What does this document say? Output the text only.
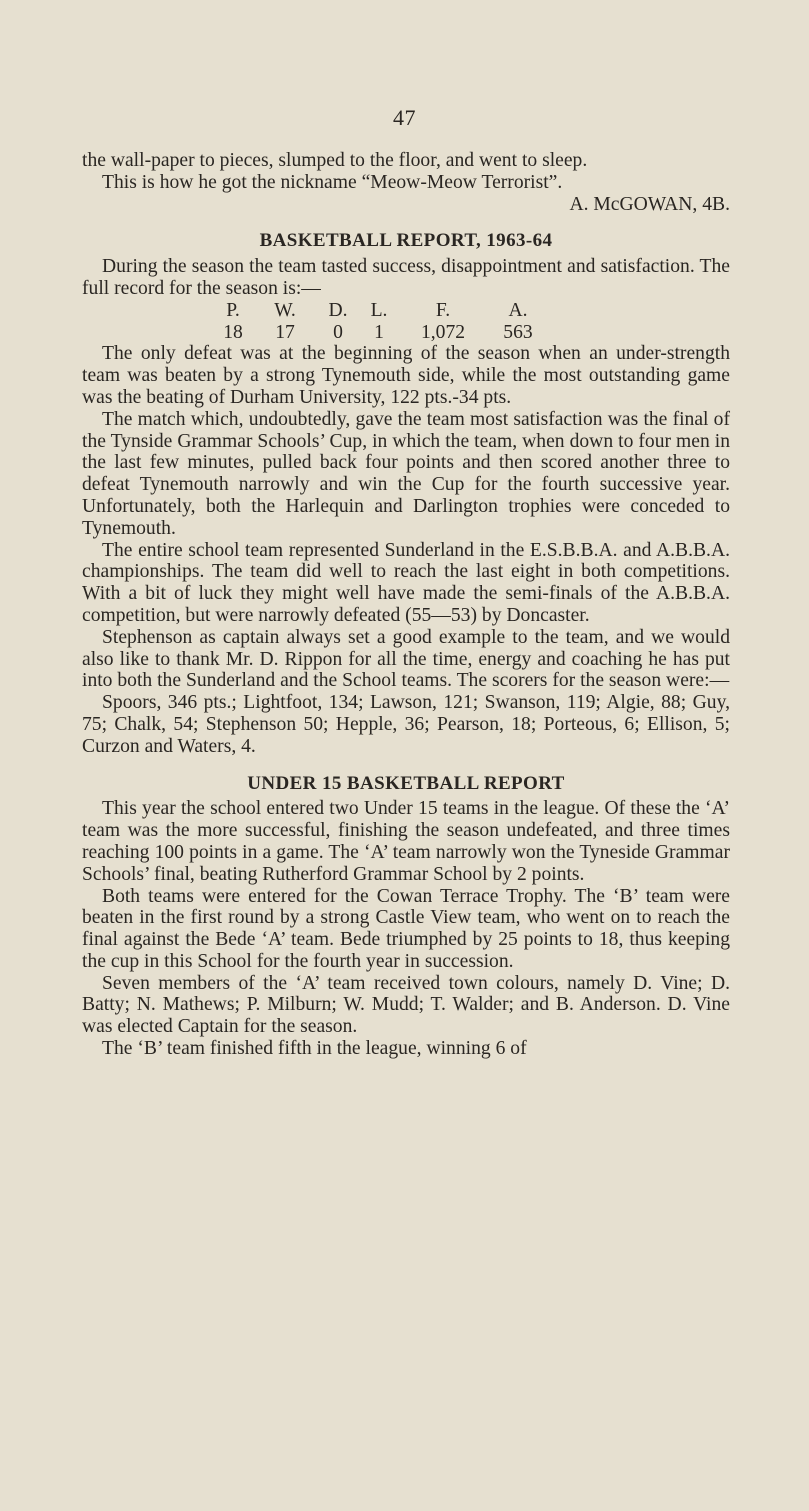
47

the wall-paper to pieces, slumped to the floor, and went to sleep.

This is how he got the nickname “Meow-Meow Terrorist”.

A. McGOWAN, 4B.

BASKETBALL REPORT, 1963-64

During the season the team tasted success, disappointment and satisfaction. The full record for the season is:—

P.	W.	D.	L.	F.	A.
18	17	0	1	1,072	563

The only defeat was at the beginning of the season when an under-strength team was beaten by a strong Tynemouth side, while the most outstanding game was the beating of Durham University, 122 pts.-34 pts.

The match which, undoubtedly, gave the team most satisfaction was the final of the Tynside Grammar Schools’ Cup, in which the team, when down to four men in the last few minutes, pulled back four points and then scored another three to defeat Tynemouth narrowly and win the Cup for the fourth successive year. Unfortunately, both the Harlequin and Darlington trophies were conceded to Tynemouth.

The entire school team represented Sunderland in the E.S.B.B.A. and A.B.B.A. championships. The team did well to reach the last eight in both competitions. With a bit of luck they might well have made the semi-finals of the A.B.B.A. competition, but were narrowly defeated (55—53) by Doncaster.

Stephenson as captain always set a good example to the team, and we would also like to thank Mr. D. Rippon for all the time, energy and coaching he has put into both the Sunderland and the School teams. The scorers for the season were:—

Spoors, 346 pts.; Lightfoot, 134; Lawson, 121; Swanson, 119; Algie, 88; Guy, 75; Chalk, 54; Stephenson 50; Hepple, 36; Pearson, 18; Porteous, 6; Ellison, 5; Curzon and Waters, 4.

UNDER 15 BASKETBALL REPORT

This year the school entered two Under 15 teams in the league. Of these the ‘A’ team was the more successful, finishing the season undefeated, and three times reaching 100 points in a game. The ‘A’ team narrowly won the Tyneside Grammar Schools’ final, beating Rutherford Grammar School by 2 points.

Both teams were entered for the Cowan Terrace Trophy. The ‘B’ team were beaten in the first round by a strong Castle View team, who went on to reach the final against the Bede ‘A’ team. Bede triumphed by 25 points to 18, thus keeping the cup in this School for the fourth year in succession.

Seven members of the ‘A’ team received town colours, namely D. Vine; D. Batty; N. Mathews; P. Milburn; W. Mudd; T. Walder; and B. Anderson. D. Vine was elected Captain for the season.

The ‘B’ team finished fifth in the league, winning 6 of
